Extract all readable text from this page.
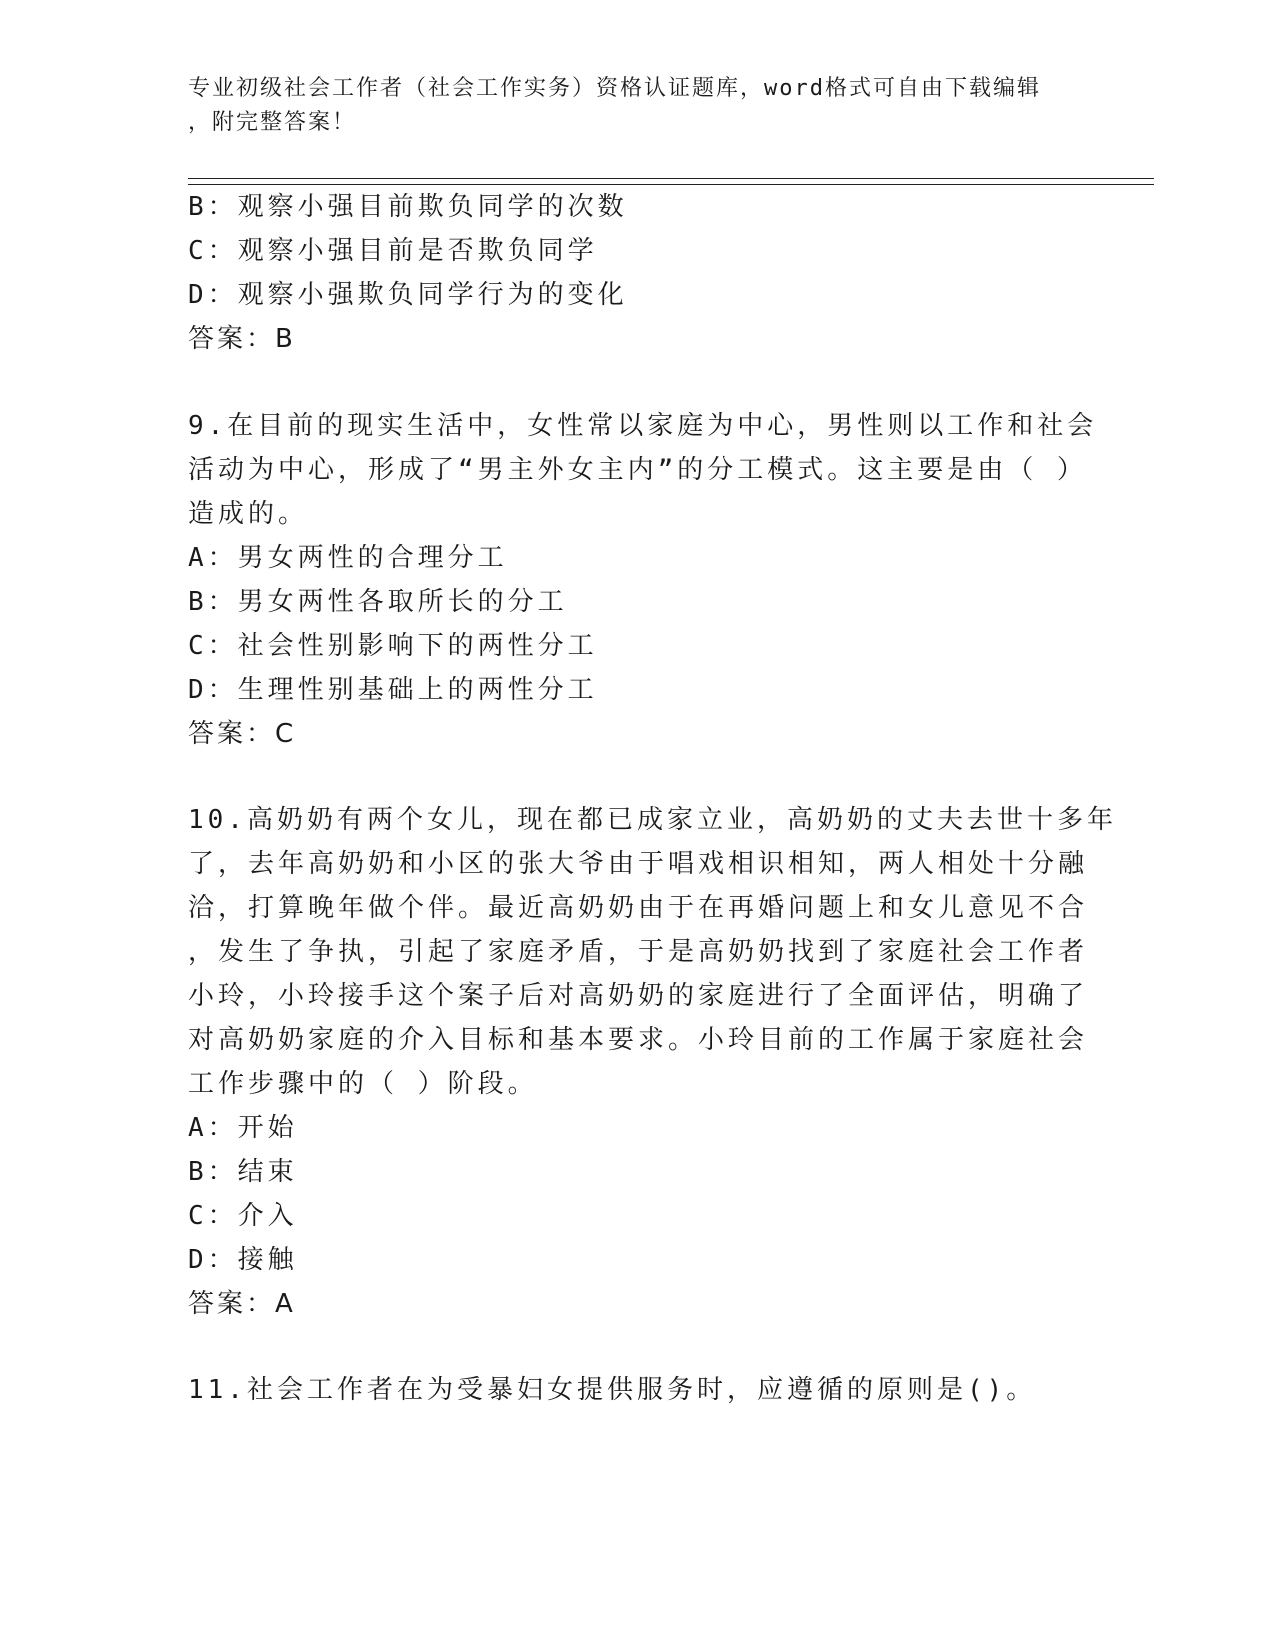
专业初级社会工作者（社会工作实务）资格认证题库，word格式可自由下载编辑
，附完整答案！
B：观察小强目前欺负同学的次数
C：观察小强目前是否欺负同学
D：观察小强欺负同学行为的变化
答案：B
9.在目前的现实生活中，女性常以家庭为中心，男性则以工作和社会
活动为中心，形成了“男主外女主内”的分工模式。这主要是由（ ）
造成的。
A：男女两性的合理分工
B：男女两性各取所长的分工
C：社会性别影响下的两性分工
D：生理性别基础上的两性分工
答案：C
10.高奶奶有两个女儿，现在都已成家立业，高奶奶的丈夫去世十多年
了，去年高奶奶和小区的张大爷由于唱戏相识相知，两人相处十分融
洽，打算晚年做个伴。最近高奶奶由于在再婚问题上和女儿意见不合
，发生了争执，引起了家庭矛盾，于是高奶奶找到了家庭社会工作者
小玲，小玲接手这个案子后对高奶奶的家庭进行了全面评估，明确了
对高奶奶家庭的介入目标和基本要求。小玲目前的工作属于家庭社会
工作步骤中的（ ）阶段。
A：开始
B：结束
C：介入
D：接触
答案：A
11.社会工作者在为受暴妇女提供服务时，应遵循的原则是()。
